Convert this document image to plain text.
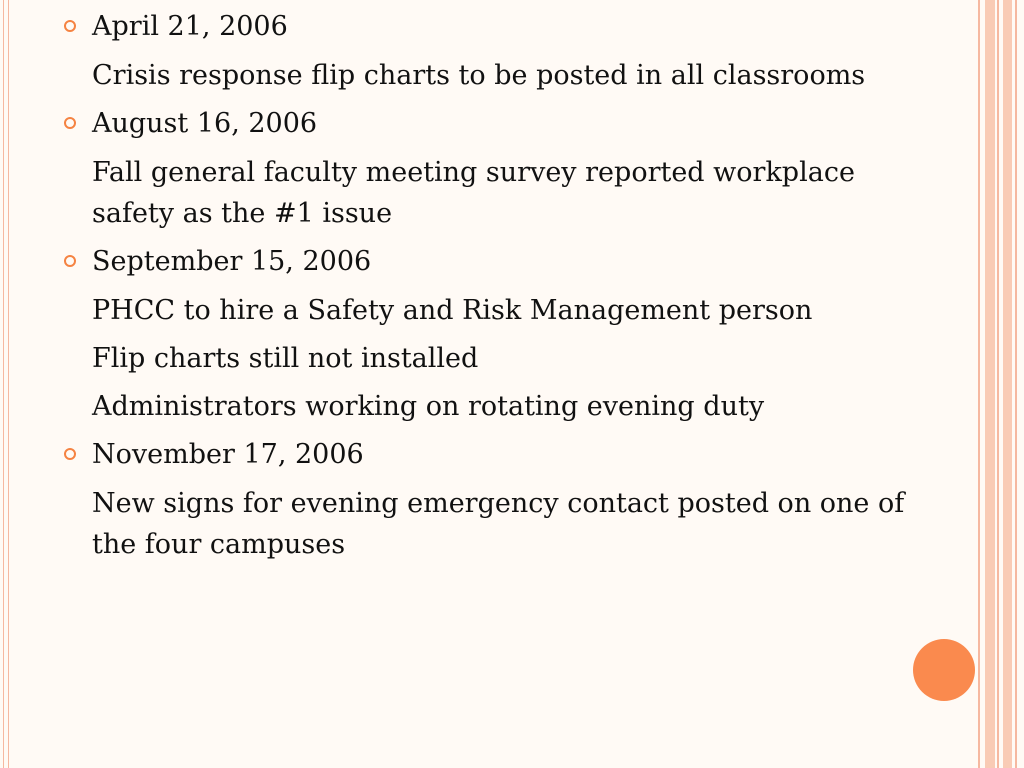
April 21, 2006
Crisis response flip charts to be posted in all classrooms
August 16, 2006
Fall general faculty meeting survey reported workplace safety as the #1 issue
September 15, 2006
PHCC to hire a Safety and Risk Management person
Flip charts still not installed
Administrators working on rotating evening duty
November 17, 2006
New signs for evening emergency contact posted on one of the four campuses
